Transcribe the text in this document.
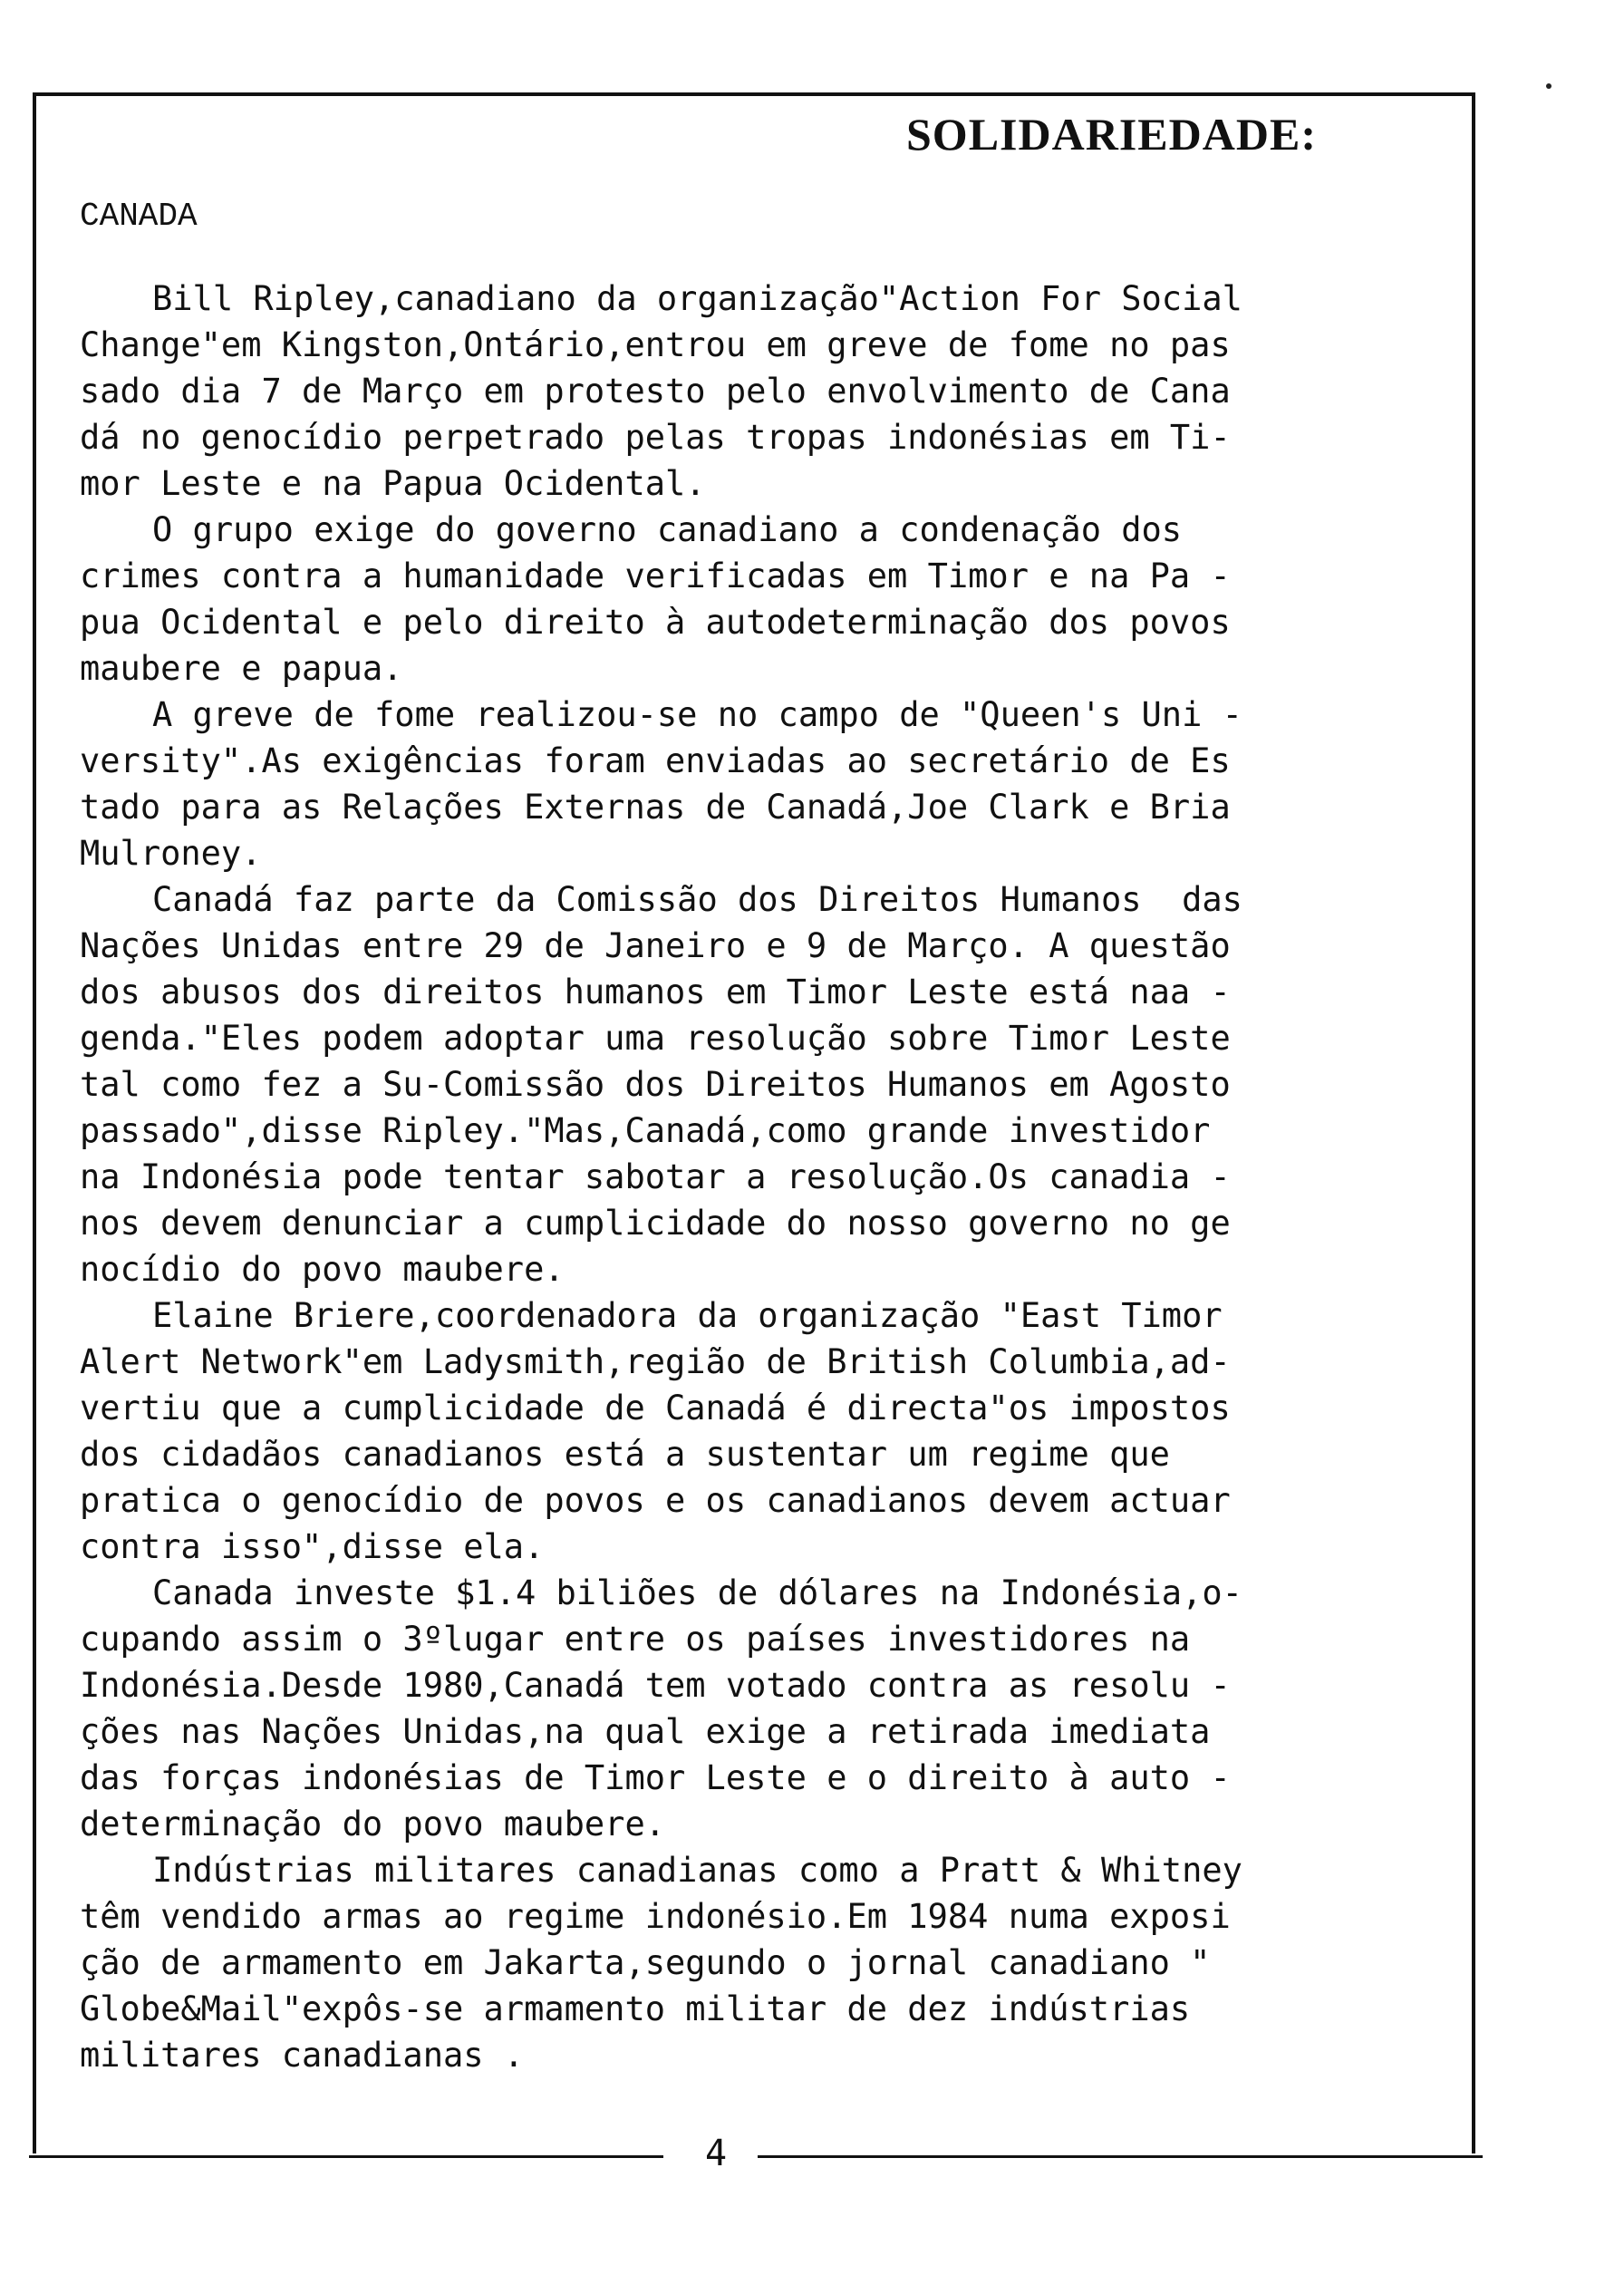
SOLIDARIEDADE:
CANADA
Bill Ripley,canadiano da organização"Action For Social
Change"em Kingston,Ontário,entrou em greve de fome no pas
sado dia 7 de Março em protesto pelo envolvimento de Cana
dá no genocídio perpetrado pelas tropas indonésias em Ti-
mor Leste e na Papua Ocidental.
O grupo exige do governo canadiano a condenação dos
crimes contra a humanidade verificadas em Timor e na Pa -
pua Ocidental e pelo direito à autodeterminação dos povos
maubere e papua.
A greve de fome realizou-se no campo de "Queen's Uni -
versity".As exigências foram enviadas ao secretário de Es
tado para as Relações Externas de Canadá,Joe Clark e Bria
Mulroney.
Canadá faz parte da Comissão dos Direitos Humanos  das
Nações Unidas entre 29 de Janeiro e 9 de Março. A questão
dos abusos dos direitos humanos em Timor Leste está naa -
genda."Eles podem adoptar uma resolução sobre Timor Leste
tal como fez a Su-Comissão dos Direitos Humanos em Agosto
passado",disse Ripley."Mas,Canadá,como grande investidor
na Indonésia pode tentar sabotar a resolução.Os canadia -
nos devem denunciar a cumplicidade do nosso governo no ge
nocídio do povo maubere.
Elaine Briere,coordenadora da organização "East Timor
Alert Network"em Ladysmith,região de British Columbia,ad-
vertiu que a cumplicidade de Canadá é directa"os impostos
dos cidadãos canadianos está a sustentar um regime que
pratica o genocídio de povos e os canadianos devem actuar
contra isso",disse ela.
Canada investe $1.4 biliões de dólares na Indonésia,o-
cupando assim o 3ºlugar entre os países investidores na
Indonésia.Desde 1980,Canadá tem votado contra as resolu -
ções nas Nações Unidas,na qual exige a retirada imediata
das forças indonésias de Timor Leste e o direito à auto -
determinação do povo maubere.
Indústrias militares canadianas como a Pratt & Whitney
têm vendido armas ao regime indonésio.Em 1984 numa exposi
ção de armamento em Jakarta,segundo o jornal canadiano "
Globe&Mail"expôs-se armamento militar de dez indústrias
militares canadianas .
4
